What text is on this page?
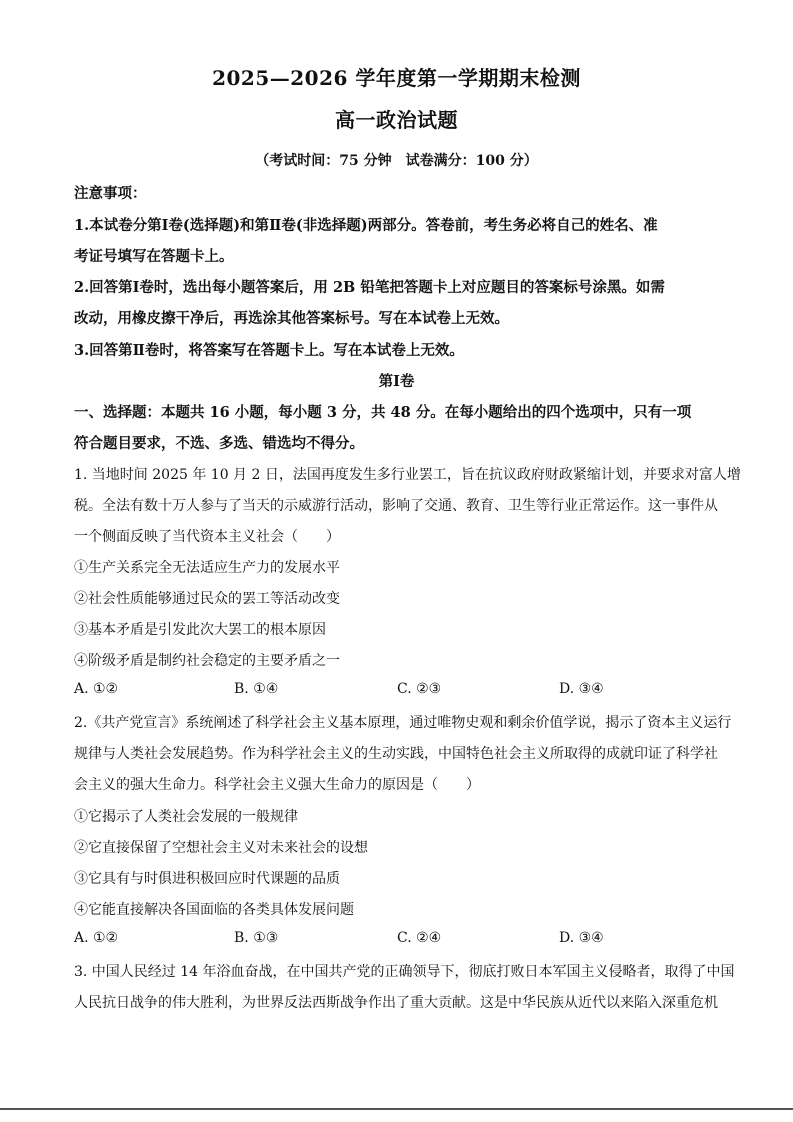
2025—2026 学年度第一学期期末检测
高一政治试题
（考试时间：75 分钟　试卷满分：100 分）
注意事项：
1.本试卷分第Ⅰ卷(选择题)和第Ⅱ卷(非选择题)两部分。答卷前，考生务必将自己的姓名、准
考证号填写在答题卡上。
2.回答第Ⅰ卷时，选出每小题答案后，用 2B 铅笔把答题卡上对应题目的答案标号涂黑。如需
改动，用橡皮擦干净后，再选涂其他答案标号。写在本试卷上无效。
3.回答第Ⅱ卷时，将答案写在答题卡上。写在本试卷上无效。
第Ⅰ卷
一、选择题：本题共 16 小题，每小题 3 分，共 48 分。在每小题给出的四个选项中，只有一项
符合题目要求，不选、多选、错选均不得分。
1. 当地时间 2025 年 10 月 2 日，法国再度发生多行业罢工，旨在抗议政府财政紧缩计划，并要求对富人增
税。全法有数十万人参与了当天的示威游行活动，影响了交通、教育、卫生等行业正常运作。这一事件从
一个侧面反映了当代资本主义社会（　　）
①生产关系完全无法适应生产力的发展水平
②社会性质能够通过民众的罢工等活动改变
③基本矛盾是引发此次大罢工的根本原因
④阶级矛盾是制约社会稳定的主要矛盾之一
A. ①②	B. ①④	C. ②③	D. ③④
2.《共产党宣言》系统阐述了科学社会主义基本原理，通过唯物史观和剩余价值学说，揭示了资本主义运行
规律与人类社会发展趋势。作为科学社会主义的生动实践，中国特色社会主义所取得的成就印证了科学社
会主义的强大生命力。科学社会主义强大生命力的原因是（　　）
①它揭示了人类社会发展的一般规律
②它直接保留了空想社会主义对未来社会的设想
③它具有与时俱进积极回应时代课题的品质
④它能直接解决各国面临的各类具体发展问题
A. ①②	B. ①③	C. ②④	D. ③④
3. 中国人民经过 14 年浴血奋战，在中国共产党的正确领导下，彻底打败日本军国主义侵略者，取得了中国
人民抗日战争的伟大胜利，为世界反法西斯战争作出了重大贡献。这是中华民族从近代以来陷入深重危机
